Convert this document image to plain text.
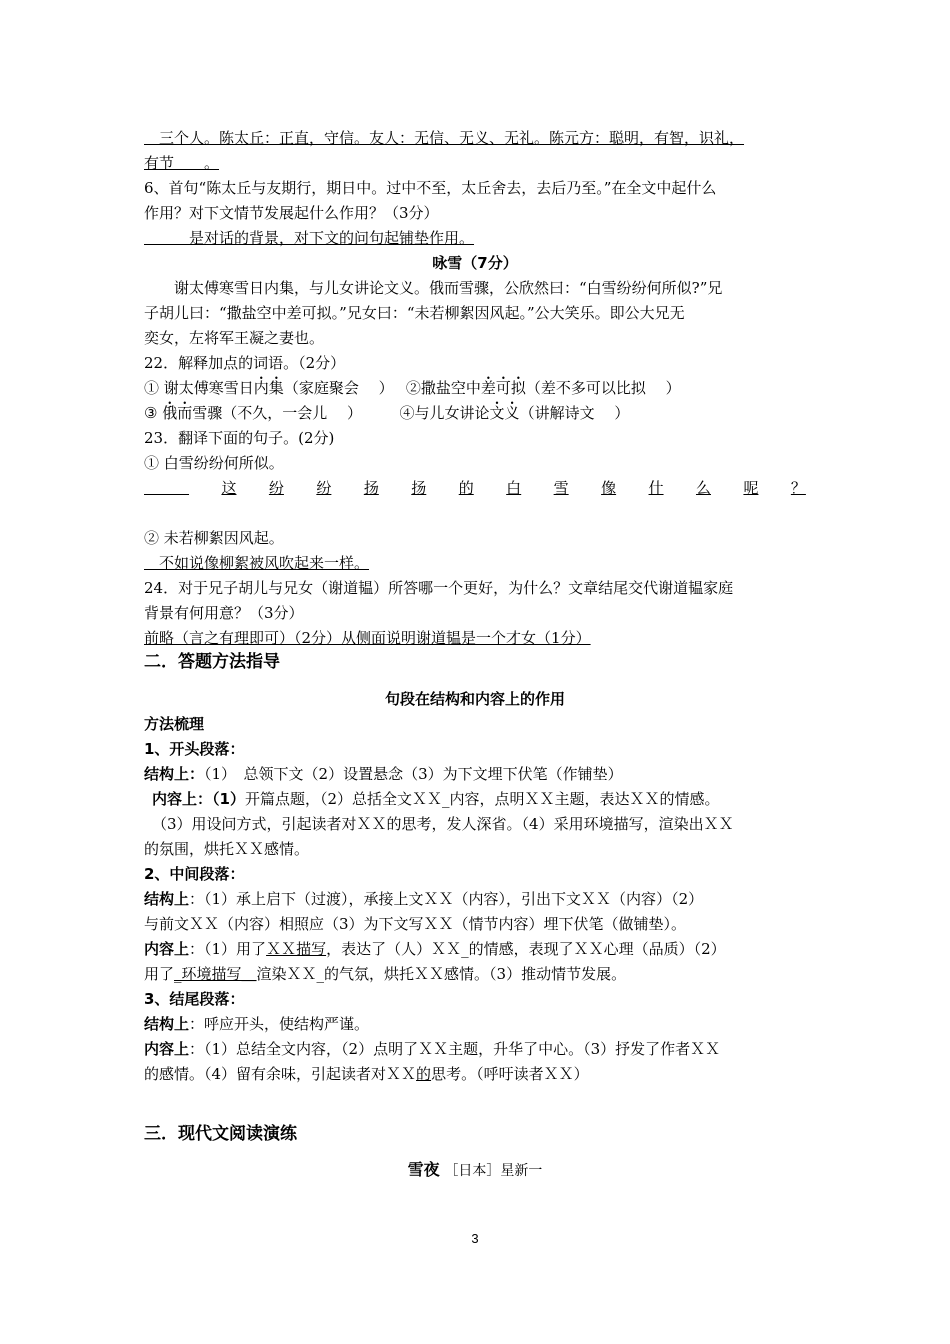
　三个人。陈太丘：正直，守信。友人：无信、无义、无礼。陈元方：聪明，有智，识礼，
有节　　。
6、首句“陈太丘与友期行，期日中。过中不至，太丘舍去，去后乃至。”在全文中起什么
作用？对下文情节发展起什么作用？（3分）
　　　是对话的背景，对下文的问句起铺垫作用。
咏雪（7分）
　　谢太傅寒雪日内集，与儿女讲论文义。俄而雪骤，公欣然曰：“白雪纷纷何所似?”兄
子胡儿曰：“撒盐空中差可拟。”兄女曰：“未若柳絮因风起。”公大笑乐。即公大兄无
奕女，左将军王凝之妻也。
22．解释加点的词语。（2分）
① 谢太傅寒雪日内集（家庭聚会　 ）　 ②撒盐空中差可拟（差不多可以比拟　 ）
③ 俄而雪骤（不久，一会儿　 ）　　　④与儿女讲论文义（讲解诗文　 ）
23．翻译下面的句子。(2分)
① 白雪纷纷何所似。

这 纷 纷 扬 扬 的 白 雪 像 什 么 呢 ？
② 未若柳絮因风起。
　不如说像柳絮被风吹起来一样。
24．对于兄子胡儿与兄女（谢道韫）所答哪一个更好，为什么？文章结尾交代谢道韫家庭
背景有何用意？（3分）
前略（言之有理即可）（2分）从侧面说明谢道韫是一个才女（1分）
二．答题方法指导
句段在结构和内容上的作用
方法梳理
1、开头段落：
结构上：（1）　总领下文（2）设置悬念（3）为下文埋下伏笔（作铺垫）
内容上：（1）开篇点题，（2）总括全文ＸＸ_内容，点明ＸＸ主题，表达ＸＸ的情感。
（3）用设问方式，引起读者对ＸＸ的思考，发人深省。（4）采用环境描写，渲染出ＸＸ
的氛围，烘托ＸＸ感情。
2、中间段落：
结构上：（1）承上启下（过渡），承接上文ＸＸ（内容），引出下文ＸＸ（内容）（2）
与前文ＸＸ（内容）相照应（3）为下文写ＸＸ（情节内容）埋下伏笔（做铺垫）。
内容上：（1）用了ＸＸ描写，表达了（人）ＸＸ_的情感，表现了ＸＸ心理（品质）（2）
用了_环境描写＿渲染ＸＸ_的气氛，烘托ＸＸ感情。（3）推动情节发展。
3、结尾段落：
结构上：呼应开头，使结构严谨。
内容上：（1）总结全文内容，（2）点明了ＸＸ主题，升华了中心。（3）抒发了作者ＸＸ
的感情。（4）留有余味，引起读者对ＸＸ的思考。（呼吁读者ＸＸ）
三．现代文阅读演练
雪夜 ［日本］星新一
3
